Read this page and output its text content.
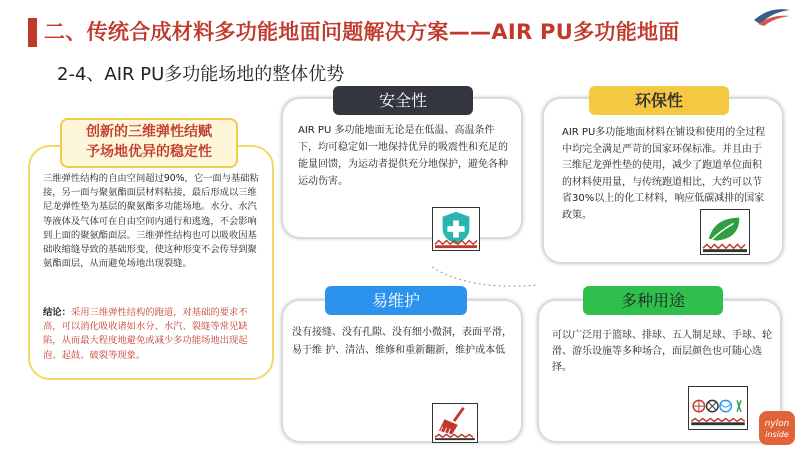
二、传统合成材料多功能地面问题解决方案——AIR PU多功能地面
2-4、AIR PU多功能场地的整体优势
创新的三维弹性结赋
予场地优异的稳定性
三维弹性结构的自由空间超过90%，它一面与基础粘接，另一面与聚氨酯面层材料粘接，最后形成以三维尼龙弹性垫为基层的聚氨酯多功能场地。水分、水汽等液体及气体可在自由空间内通行和逃逸，不会影响到上面的聚氨酯面层。三维弹性结构也可以吸收因基础收缩缝导致的基础形变，使这种形变不会传导到聚氨酯面层，从而避免场地出现裂缝。
结论：采用三维弹性结构的跑道，对基础的要求不高，可以消化吸收诸如水分、水汽、裂缝等常见缺陷，从而最大程度地避免或减少多功能场地出现起泡、起鼓、破裂等现象。
安全性
AIR PU 多功能地面无论是在低温、高温条件下，均可稳定如一地保持优异的吸震性和充足的能量回馈，为运动者提供充分地保护，避免各种运动伤害。
环保性
AIR PU多功能地面材料在铺设和使用的全过程中均完全满足严苛的国家环保标准。并且由于三维尼龙弹性垫的使用，减少了跑道单位面积的材料使用量，与传统跑道相比，大约可以节省30%以上的化工材料，响应低碳减排的国家政策。
易维护
没有接缝、没有孔隙、没有细小微洞，表面平滑，易于维 护、清洁、维修和重新翻新，维护成本低
多种用途
可以广泛用于篮球、排球、五人制足球、手球、轮滑、游乐设施等多种场合，面层颜色也可随心选择。
nylon
inside
